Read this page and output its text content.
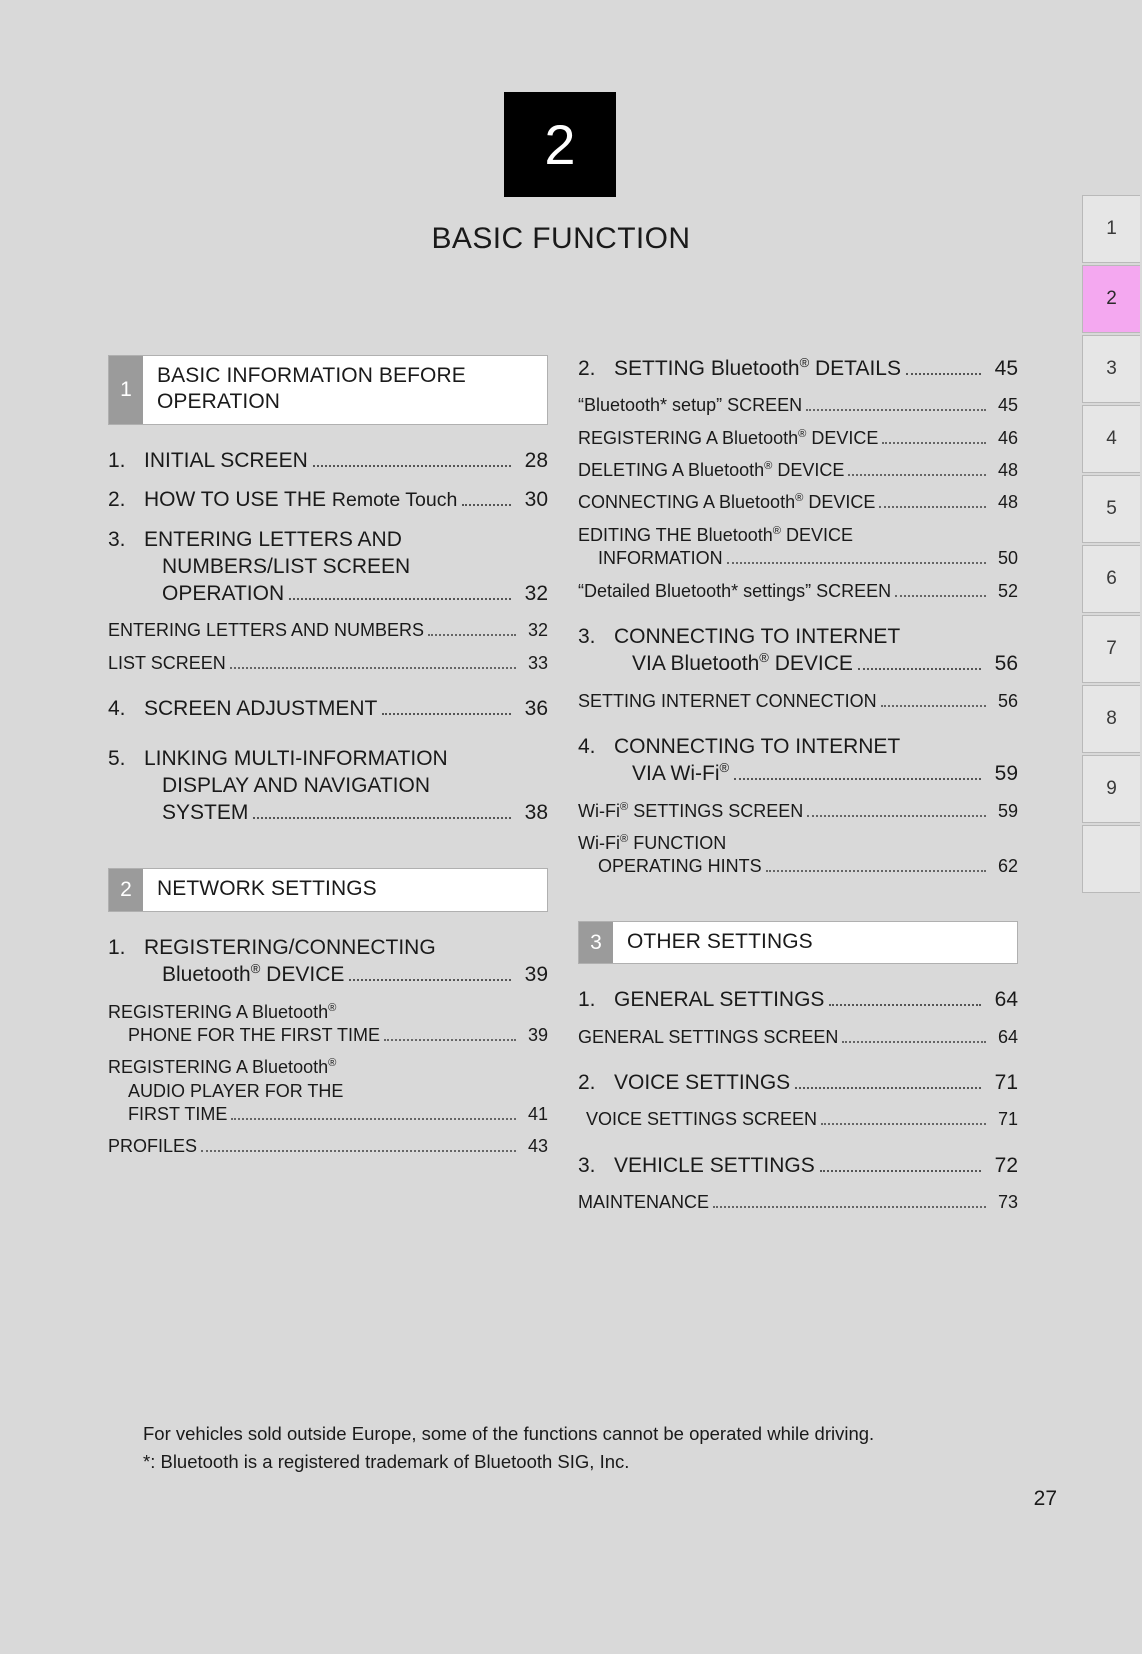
2
BASIC FUNCTION	1
2
3
4
5
6
7
8
9
1
BASIC INFORMATION BEFORE OPERATION
1. INITIAL SCREEN	28
2. HOW TO USE THE Remote Touch	30
3. ENTERING LETTERS AND
NUMBERS/LIST SCREEN
OPERATION	32
ENTERING LETTERS AND NUMBERS	32
LIST SCREEN	33
4. SCREEN ADJUSTMENT	36
5. LINKING MULTI-INFORMATION
DISPLAY AND NAVIGATION
SYSTEM	38
2	NETWORK SETTINGS
1. REGISTERING/CONNECTING
Bluetooth® DEVICE	39
REGISTERING A Bluetooth®
PHONE FOR THE FIRST TIME	39
REGISTERING A Bluetooth®
AUDIO PLAYER FOR THE
FIRST TIME	41
PROFILES	43
2. SETTING Bluetooth® DETAILS	45
“Bluetooth* setup” SCREEN	45
REGISTERING A Bluetooth® DEVICE	46
DELETING A Bluetooth® DEVICE	48
CONNECTING A Bluetooth® DEVICE	48
EDITING THE Bluetooth® DEVICE
INFORMATION	50
“Detailed Bluetooth* settings” SCREEN	52
3. CONNECTING TO INTERNET
VIA Bluetooth® DEVICE	56
SETTING INTERNET CONNECTION	56
4. CONNECTING TO INTERNET
VIA Wi-Fi®	59
Wi-Fi® SETTINGS SCREEN	59
Wi-Fi® FUNCTION
OPERATING HINTS	62
3	OTHER SETTINGS
1. GENERAL SETTINGS	64
GENERAL SETTINGS SCREEN	64
2. VOICE SETTINGS	71
VOICE SETTINGS SCREEN	71
3. VEHICLE SETTINGS	72
MAINTENANCE	73
For vehicles sold outside Europe, some of the functions cannot be operated while driving.
*: Bluetooth is a registered trademark of Bluetooth SIG, Inc.
27
